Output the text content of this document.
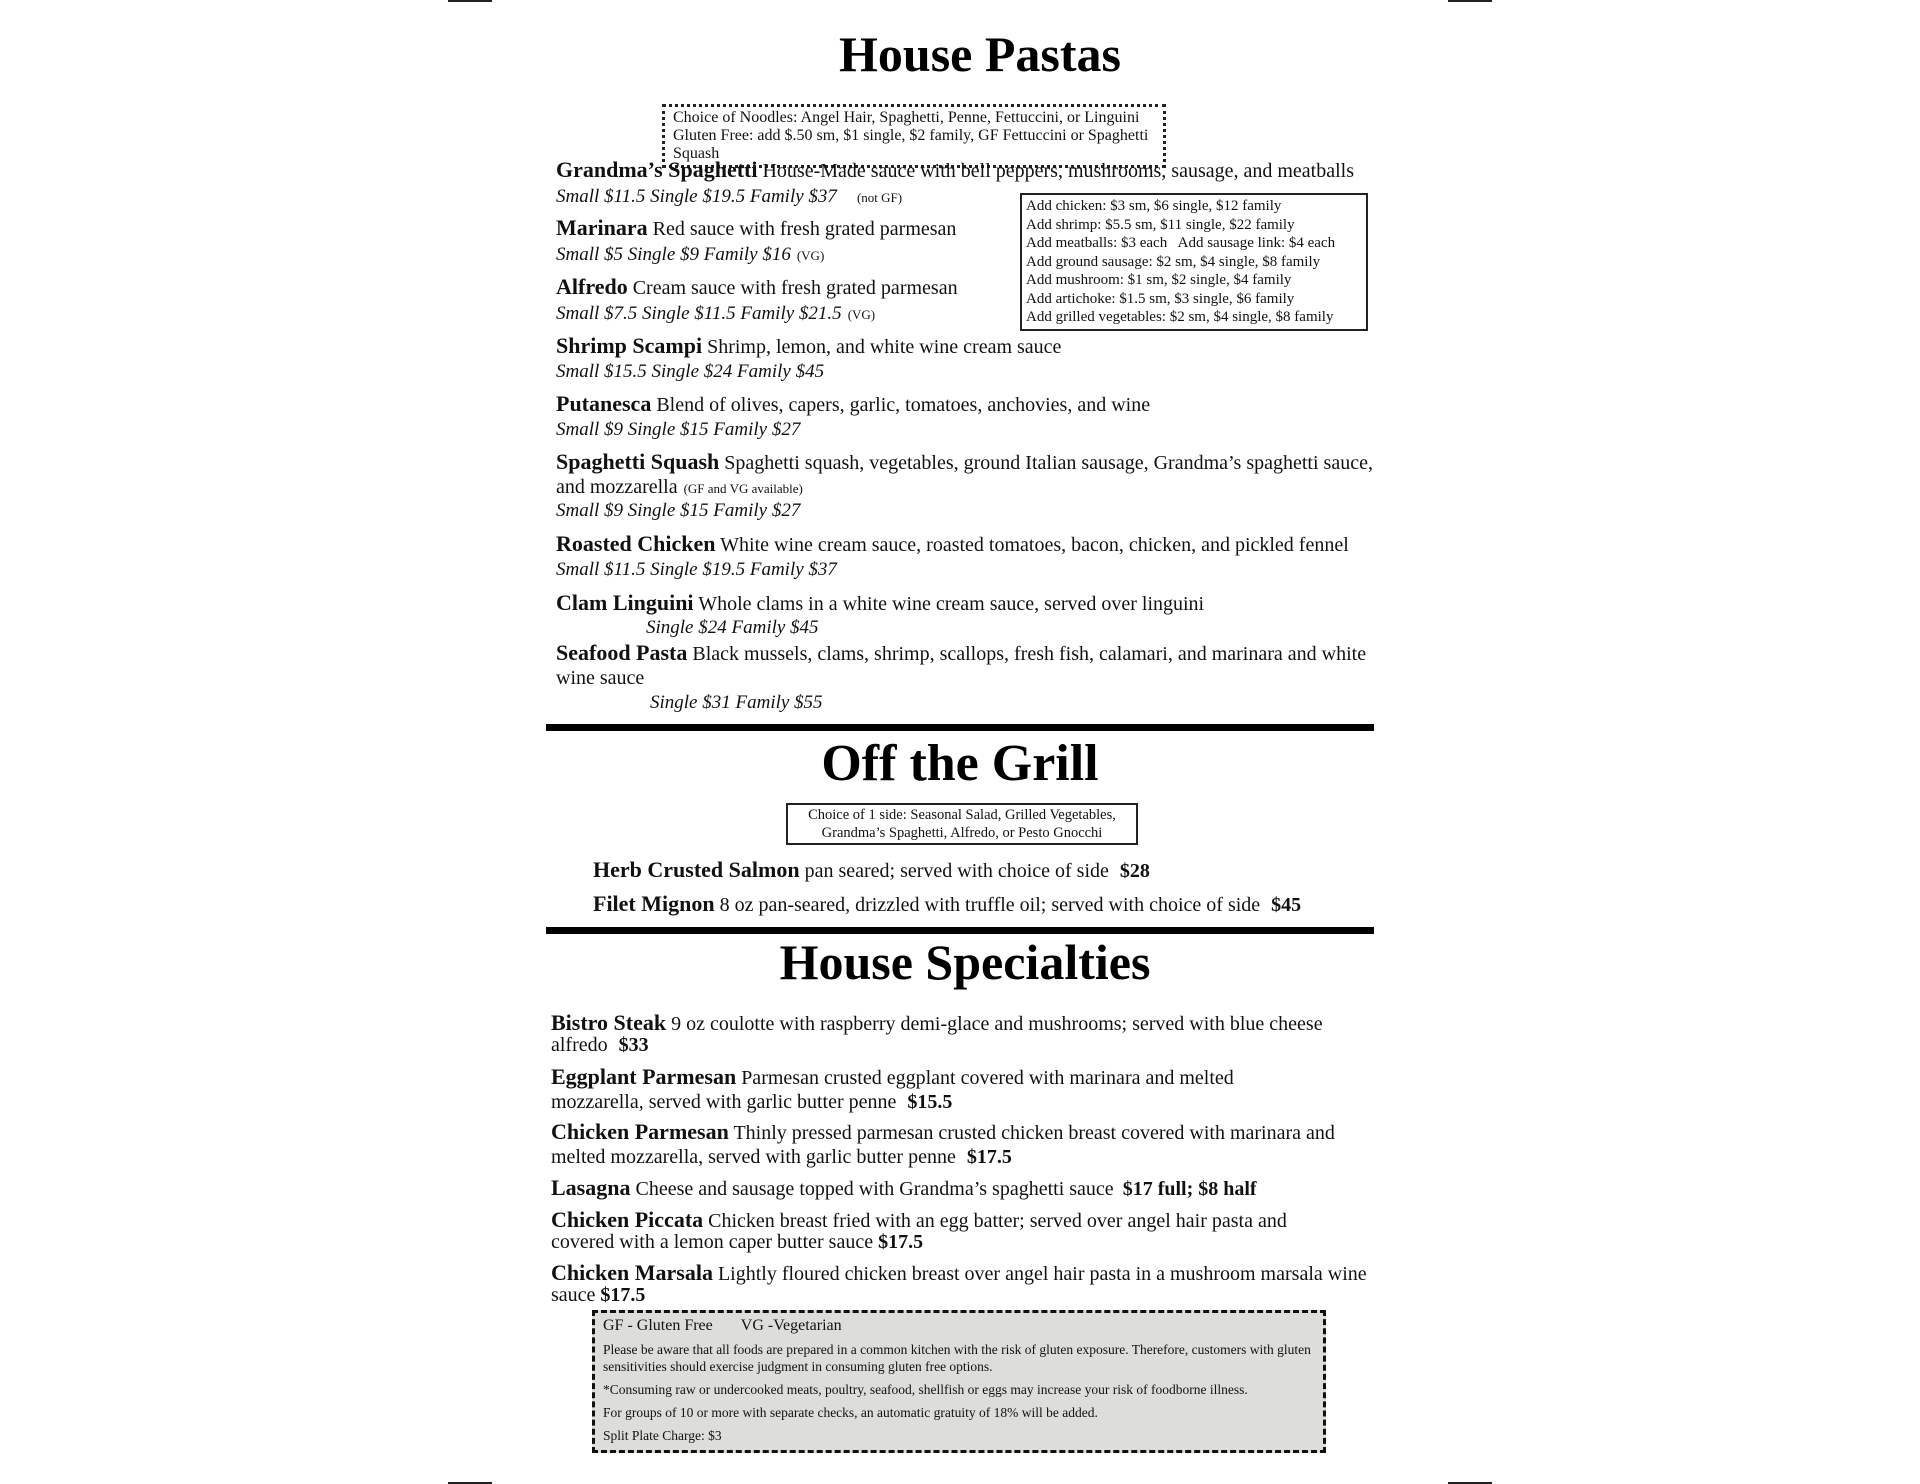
House Pastas
Choice of Noodles: Angel Hair, Spaghetti, Penne, Fettuccini, or Linguini
Gluten Free: add $.50 sm, $1 single, $2 family, GF Fettuccini or Spaghetti Squash
Grandma’s Spaghetti House-Made sauce with bell peppers, mushrooms, sausage, and meatballs
Small $11.5 Single $19.5 Family $37 (not GF)
Marinara Red sauce with fresh grated parmesan
Small $5 Single $9 Family $16 (VG)
Alfredo Cream sauce with fresh grated parmesan
Small $7.5 Single $11.5 Family $21.5 (VG)
Add chicken: $3 sm, $6 single, $12 family
Add shrimp: $5.5 sm, $11 single, $22 family
Add meatballs: $3 each   Add sausage link: $4 each
Add ground sausage: $2 sm, $4 single, $8 family
Add mushroom: $1 sm, $2 single, $4 family
Add artichoke: $1.5 sm, $3 single, $6 family
Add grilled vegetables: $2 sm, $4 single, $8 family
Shrimp Scampi Shrimp, lemon, and white wine cream sauce
Small $15.5 Single $24 Family $45
Putanesca Blend of olives, capers, garlic, tomatoes, anchovies, and wine
Small $9 Single $15 Family $27
Spaghetti Squash Spaghetti squash, vegetables, ground Italian sausage, Grandma’s spaghetti sauce, and mozzarella (GF and VG available)
Small $9 Single $15 Family $27
Roasted Chicken White wine cream sauce, roasted tomatoes, bacon, chicken, and pickled fennel
Small $11.5 Single $19.5 Family $37
Clam Linguini Whole clams in a white wine cream sauce, served over linguini
Single $24 Family $45
Seafood Pasta Black mussels, clams, shrimp, scallops, fresh fish, calamari, and marinara and white wine sauce
Single $31 Family $55
Off the Grill
Choice of 1 side: Seasonal Salad, Grilled Vegetables,
Grandma’s Spaghetti, Alfredo, or Pesto Gnocchi
Herb Crusted Salmon pan seared; served with choice of side $28
Filet Mignon 8 oz pan-seared, drizzled with truffle oil; served with choice of side $45
House Specialties
Bistro Steak 9 oz coulotte with raspberry demi-glace and mushrooms; served with blue cheese alfredo $33
Eggplant Parmesan Parmesan crusted eggplant covered with marinara and melted mozzarella, served with garlic butter penne $15.5
Chicken Parmesan Thinly pressed parmesan crusted chicken breast covered with marinara and melted mozzarella, served with garlic butter penne $17.5
Lasagna Cheese and sausage topped with Grandma’s spaghetti sauce $17 full; $8 half
Chicken Piccata Chicken breast fried with an egg batter; served over angel hair pasta and covered with a lemon caper butter sauce $17.5
Chicken Marsala Lightly floured chicken breast over angel hair pasta in a mushroom marsala wine sauce $17.5
GF - Gluten Free VG -Vegetarian

Please be aware that all foods are prepared in a common kitchen with the risk of gluten exposure. Therefore, customers with gluten sensitivities should exercise judgment in consuming gluten free options.

*Consuming raw or undercooked meats, poultry, seafood, shellfish or eggs may increase your risk of foodborne illness.

For groups of 10 or more with separate checks, an automatic gratuity of 18% will be added.

Split Plate Charge: $3
